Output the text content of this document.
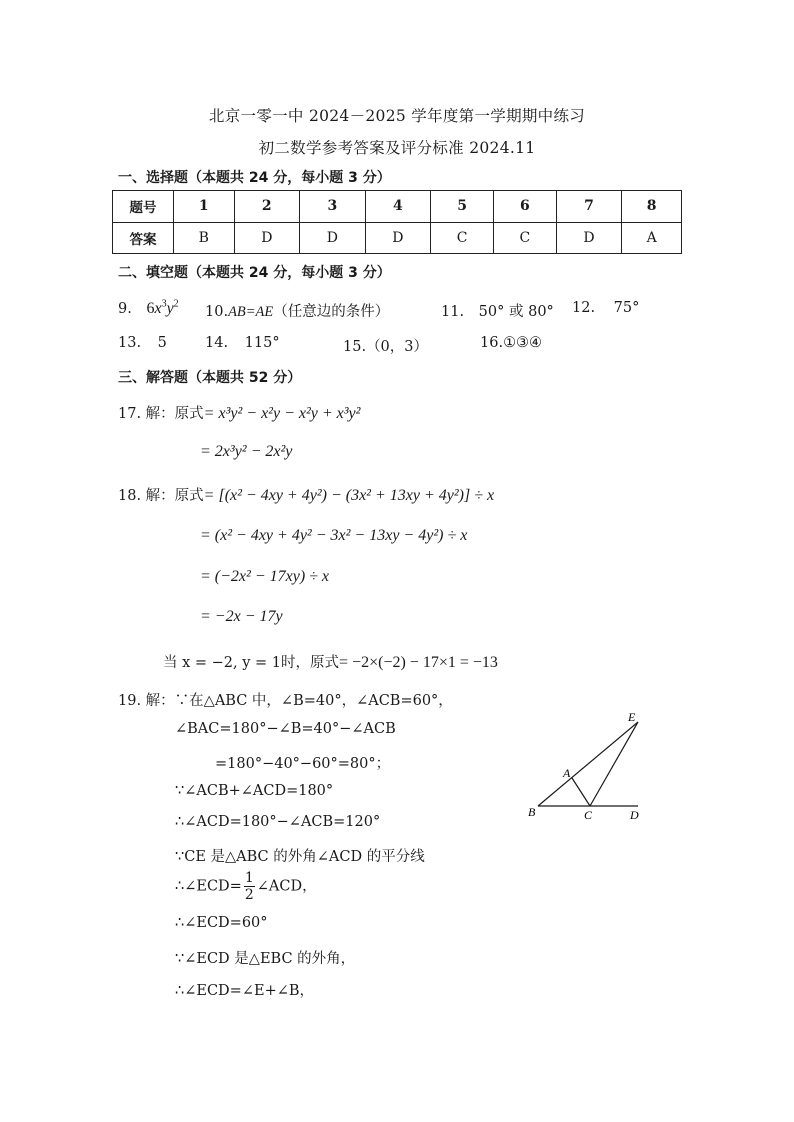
北京一零一中 2024－2025 学年度第一学期期中练习
初二数学参考答案及评分标准 2024.11
一、选择题（本题共 24 分，每小题 3 分）
题号	1	2	3	4	5	6	7	8
答案	B	D	D	D	C	C	D	A
二、填空题（本题共 24 分，每小题 3 分）
9. $6x^3y^2$ 10.AB=AE（任意边的条件）	11. 50° 或 80° 12. 75°
13. 5	14. 115°	15.（0，3）	16.①③④
三、解答题（本题共 52 分）
17. 解：原式= x³y² − x²y − x²y + x³y²
= 2x³y² − 2x²y
18. 解：原式= [(x² − 4xy + 4y²) − (3x² + 13xy + 4y²)] ÷ x
= (x² − 4xy + 4y² − 3x² − 13xy − 4y²) ÷ x
= (−2x² − 17xy) ÷ x
= −2x − 17y
当 x = −2, y = 1时，原式= −2×(−2) − 17×1 = −13
19. 解：∵在△ABC 中，∠B=40°，∠ACB=60°，
∠BAC=180°−∠B=40°−∠ACB
=180°−40°−60°=80°；
∵∠ACB+∠ACD=180°
∴∠ACD=180°−∠ACB=120°
∵CE 是△ABC 的外角∠ACD 的平分线
∴∠ECD= $\frac{1}{2}$ ∠ACD，
∴∠ECD=60°
∵∠ECD 是△EBC 的外角，
∴∠ECD=∠E+∠B，
E
A
B	C	D
